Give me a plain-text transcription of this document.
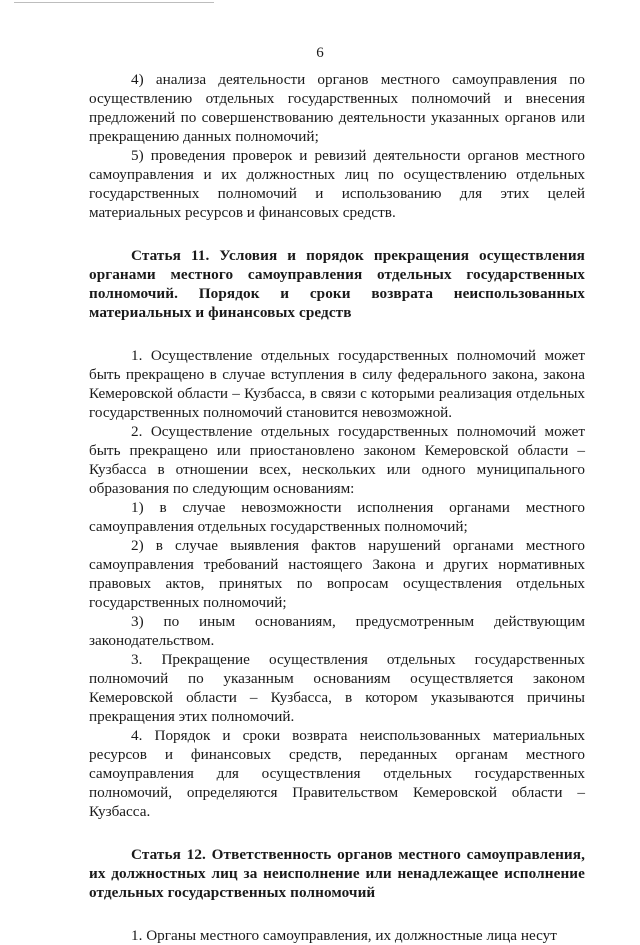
6

4) анализа деятельности органов местного самоуправления по осуществлению отдельных государственных полномочий и внесения предложений по совершенствованию деятельности указанных органов или прекращению данных полномочий;

5) проведения проверок и ревизий деятельности органов местного самоуправления и их должностных лиц по осуществлению отдельных государственных полномочий и использованию для этих целей материальных ресурсов и финансовых средств.

Статья 11. Условия и порядок прекращения осуществления органами местного самоуправления отдельных государственных полномочий. Порядок и сроки возврата неиспользованных материальных и финансовых средств

1. Осуществление отдельных государственных полномочий может быть прекращено в случае вступления в силу федерального закона, закона Кемеровской области – Кузбасса, в связи с которыми реализация отдельных государственных полномочий становится невозможной.

2. Осуществление отдельных государственных полномочий может быть прекращено или приостановлено законом Кемеровской области – Кузбасса в отношении всех, нескольких или одного муниципального образования по следующим основаниям:

1) в случае невозможности исполнения органами местного самоуправления отдельных государственных полномочий;

2) в случае выявления фактов нарушений органами местного самоуправления требований настоящего Закона и других нормативных правовых актов, принятых по вопросам осуществления отдельных государственных полномочий;

3) по иным основаниям, предусмотренным действующим законодательством.

3. Прекращение осуществления отдельных государственных полномочий по указанным основаниям осуществляется законом Кемеровской области – Кузбасса, в котором указываются причины прекращения этих полномочий.

4. Порядок и сроки возврата неиспользованных материальных ресурсов и финансовых средств, переданных органам местного самоуправления для осуществления отдельных государственных полномочий, определяются Правительством Кемеровской области – Кузбасса.

Статья 12. Ответственность органов местного самоуправления, их должностных лиц за неисполнение или ненадлежащее исполнение отдельных государственных полномочий

1. Органы местного самоуправления, их должностные лица несут
